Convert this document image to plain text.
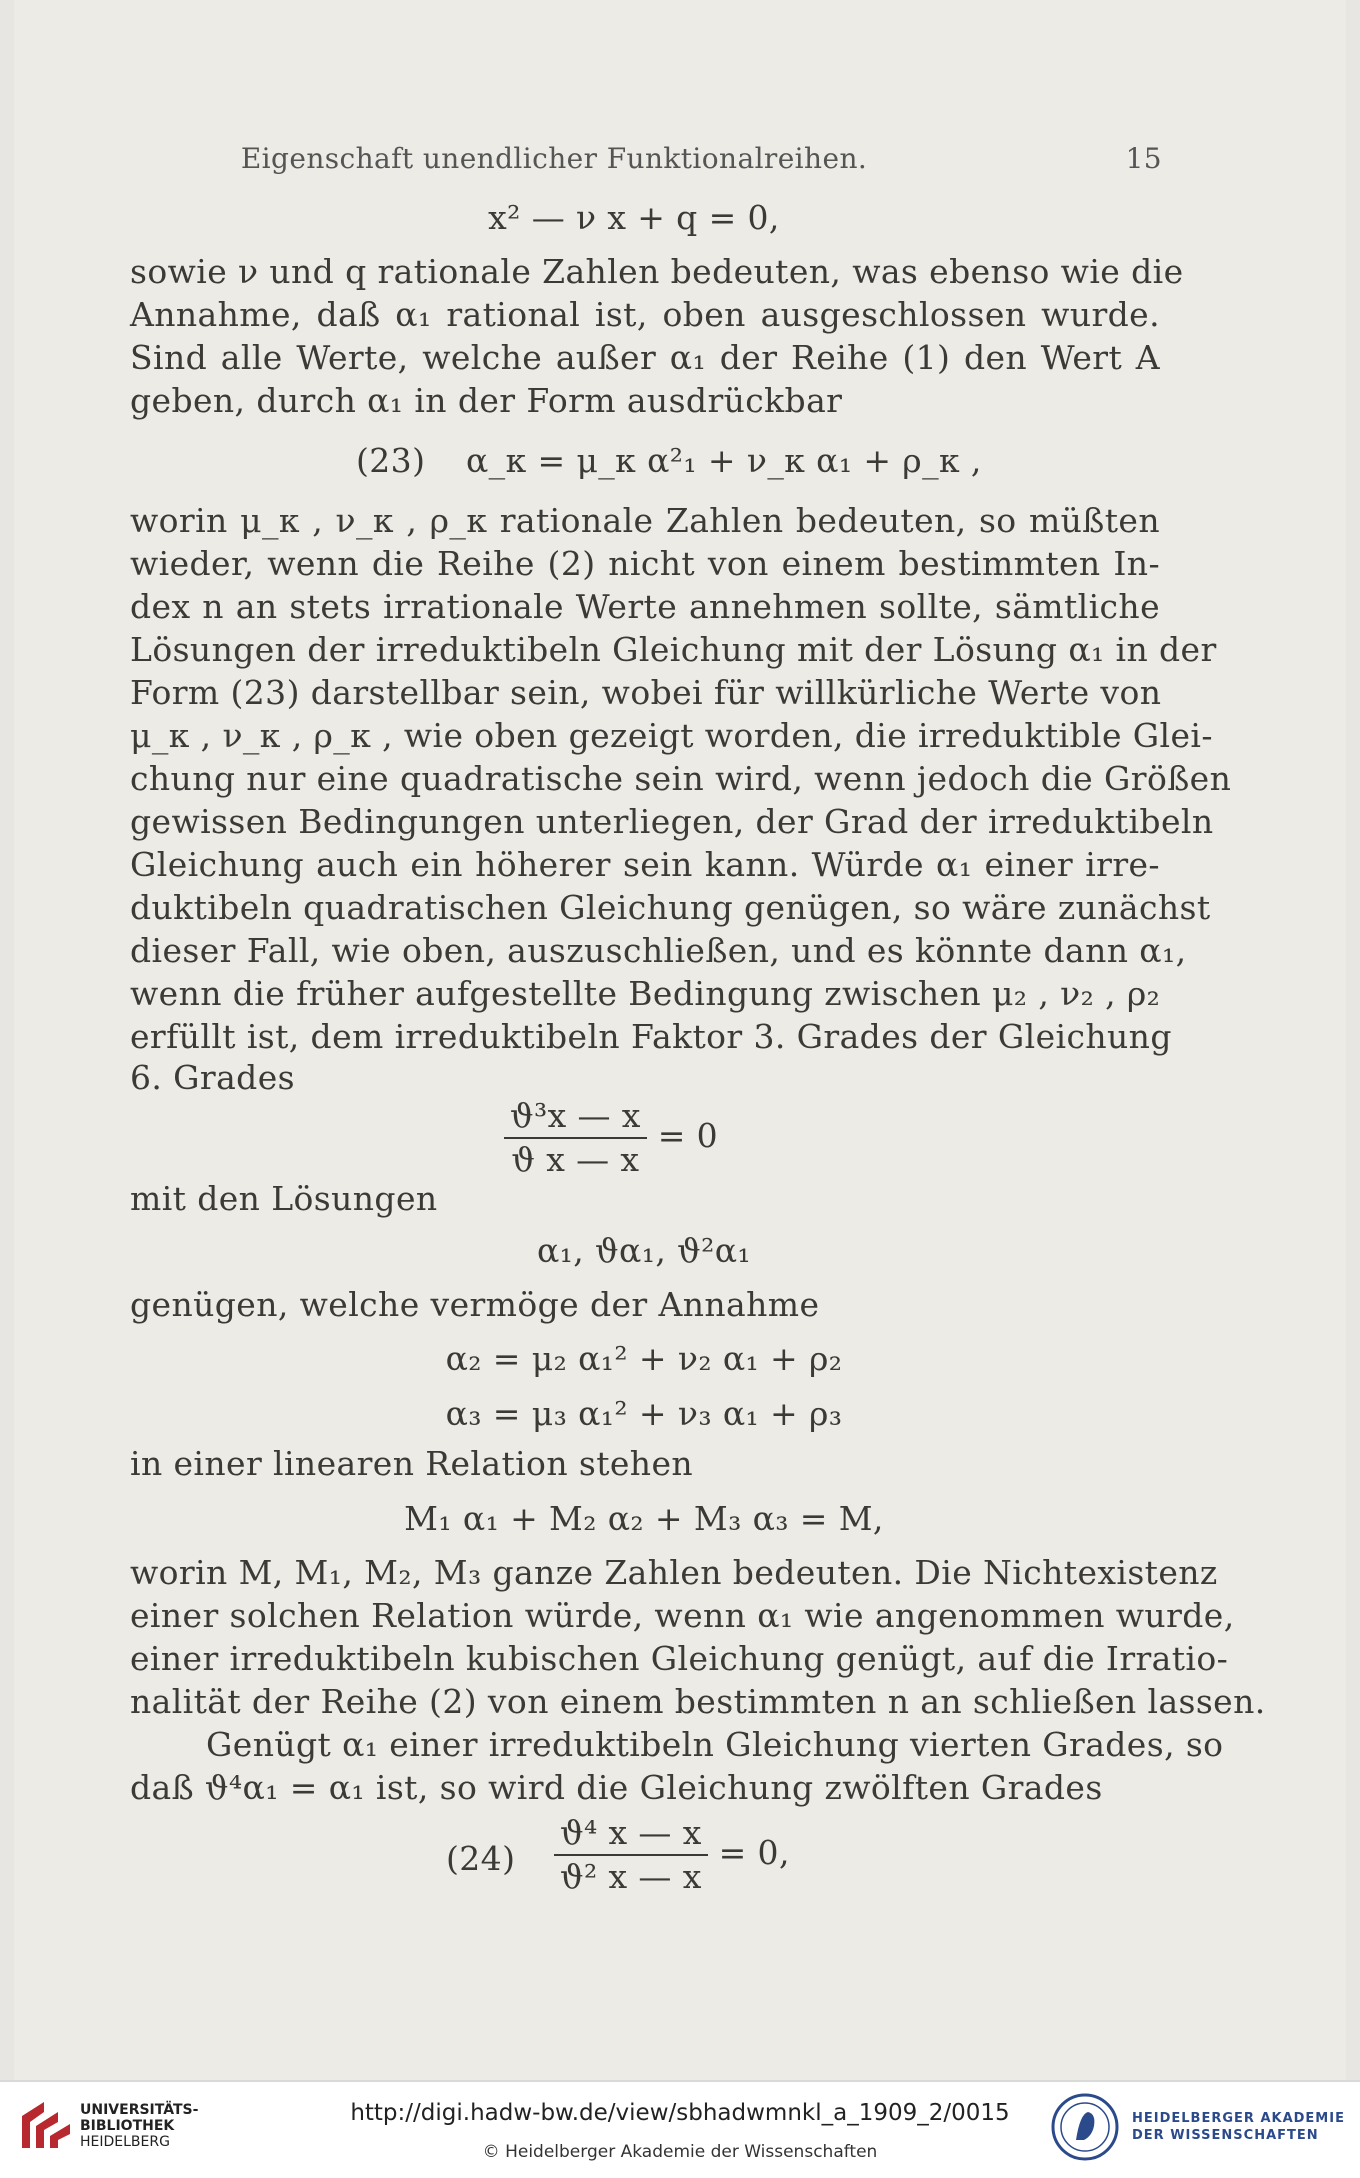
Eigenschaft unendlicher Funktionalreihen.	15
x² — ν x + q = 0,
sowie ν und q rationale Zahlen bedeuten, was ebenso wie die
Annahme, daß α₁ rational ist, oben ausgeschlossen wurde.
Sind alle Werte, welche außer α₁ der Reihe (1) den Wert A
geben, durch α₁ in der Form ausdrückbar
(23)	α_κ = μ_κ α²₁ + ν_κ α₁ + ρ_κ ,
worin μ_κ , ν_κ , ρ_κ rationale Zahlen bedeuten, so müßten
wieder, wenn die Reihe (2) nicht von einem bestimmten In-
dex n an stets irrationale Werte annehmen sollte, sämtliche
Lösungen der irreduktibeln Gleichung mit der Lösung α₁ in der
Form (23) darstellbar sein, wobei für willkürliche Werte von
μ_κ , ν_κ , ρ_κ , wie oben gezeigt worden, die irreduktible Glei-
chung nur eine quadratische sein wird, wenn jedoch die Größen
gewissen Bedingungen unterliegen, der Grad der irreduktibeln
Gleichung auch ein höherer sein kann. Würde α₁ einer irre-
duktibeln quadratischen Gleichung genügen, so wäre zunächst
dieser Fall, wie oben, auszuschließen, und es könnte dann α₁,
wenn die früher aufgestellte Bedingung zwischen μ₂ , ν₂ , ρ₂
erfüllt ist, dem irreduktibeln Faktor 3. Grades der Gleichung
6. Grades
$\frac{\text{ϑ³x — x}}{\text{ϑ x — x}} = 0$
mit den Lösungen
α₁, ϑα₁, ϑ²α₁
genügen, welche vermöge der Annahme
α₂ = μ₂ α₁² + ν₂ α₁ + ρ₂
α₃ = μ₃ α₁² + ν₃ α₁ + ρ₃
in einer linearen Relation stehen
M₁ α₁ + M₂ α₂ + M₃ α₃ = M,
worin M, M₁, M₂, M₃ ganze Zahlen bedeuten. Die Nichtexistenz
einer solchen Relation würde, wenn α₁ wie angenommen wurde,
einer irreduktibeln kubischen Gleichung genügt, auf die Irratio-
nalität der Reihe (2) von einem bestimmten n an schließen lassen.
Genügt α₁ einer irreduktibeln Gleichung vierten Grades, so
daß ϑ⁴α₁ = α₁ ist, so wird die Gleichung zwölften Grades
(24)	$\frac{\text{ϑ⁴ x — x}}{\text{ϑ² x — x}} = 0$,
UNIVERSITÄTS-
BIBLIOTHEK
HEIDELBERG
http://digi.hadw-bw.de/view/sbhadwmnkl_a_1909_2/0015
© Heidelberger Akademie der Wissenschaften
HEIDELBERGER AKADEMIE
DER WISSENSCHAFTEN
